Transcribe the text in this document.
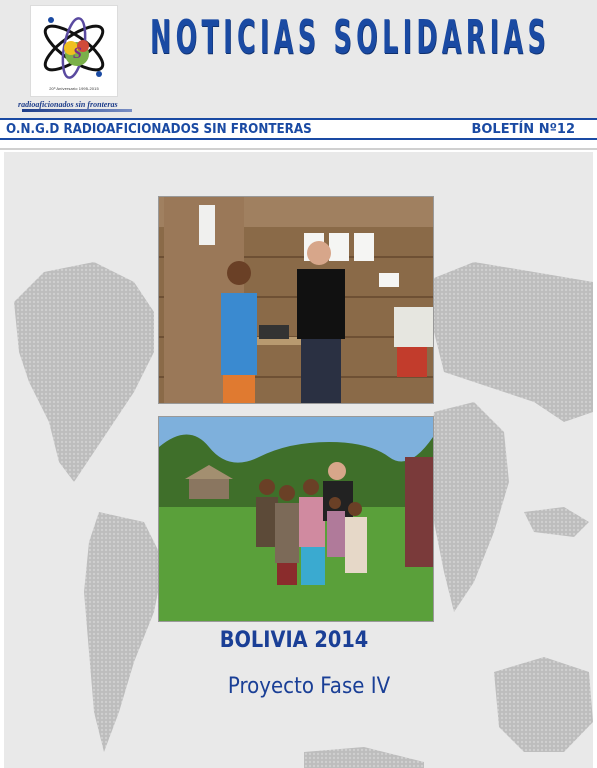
S
20º Aniversario 1995-2015
radioaficionados sin fronteras
NOTICIAS SOLIDARIAS
O.N.G.D RADIOAFICIONADOS SIN FRONTERAS	BOLETÍN Nº12
BOLIVIA 2014
Proyecto Fase IV
